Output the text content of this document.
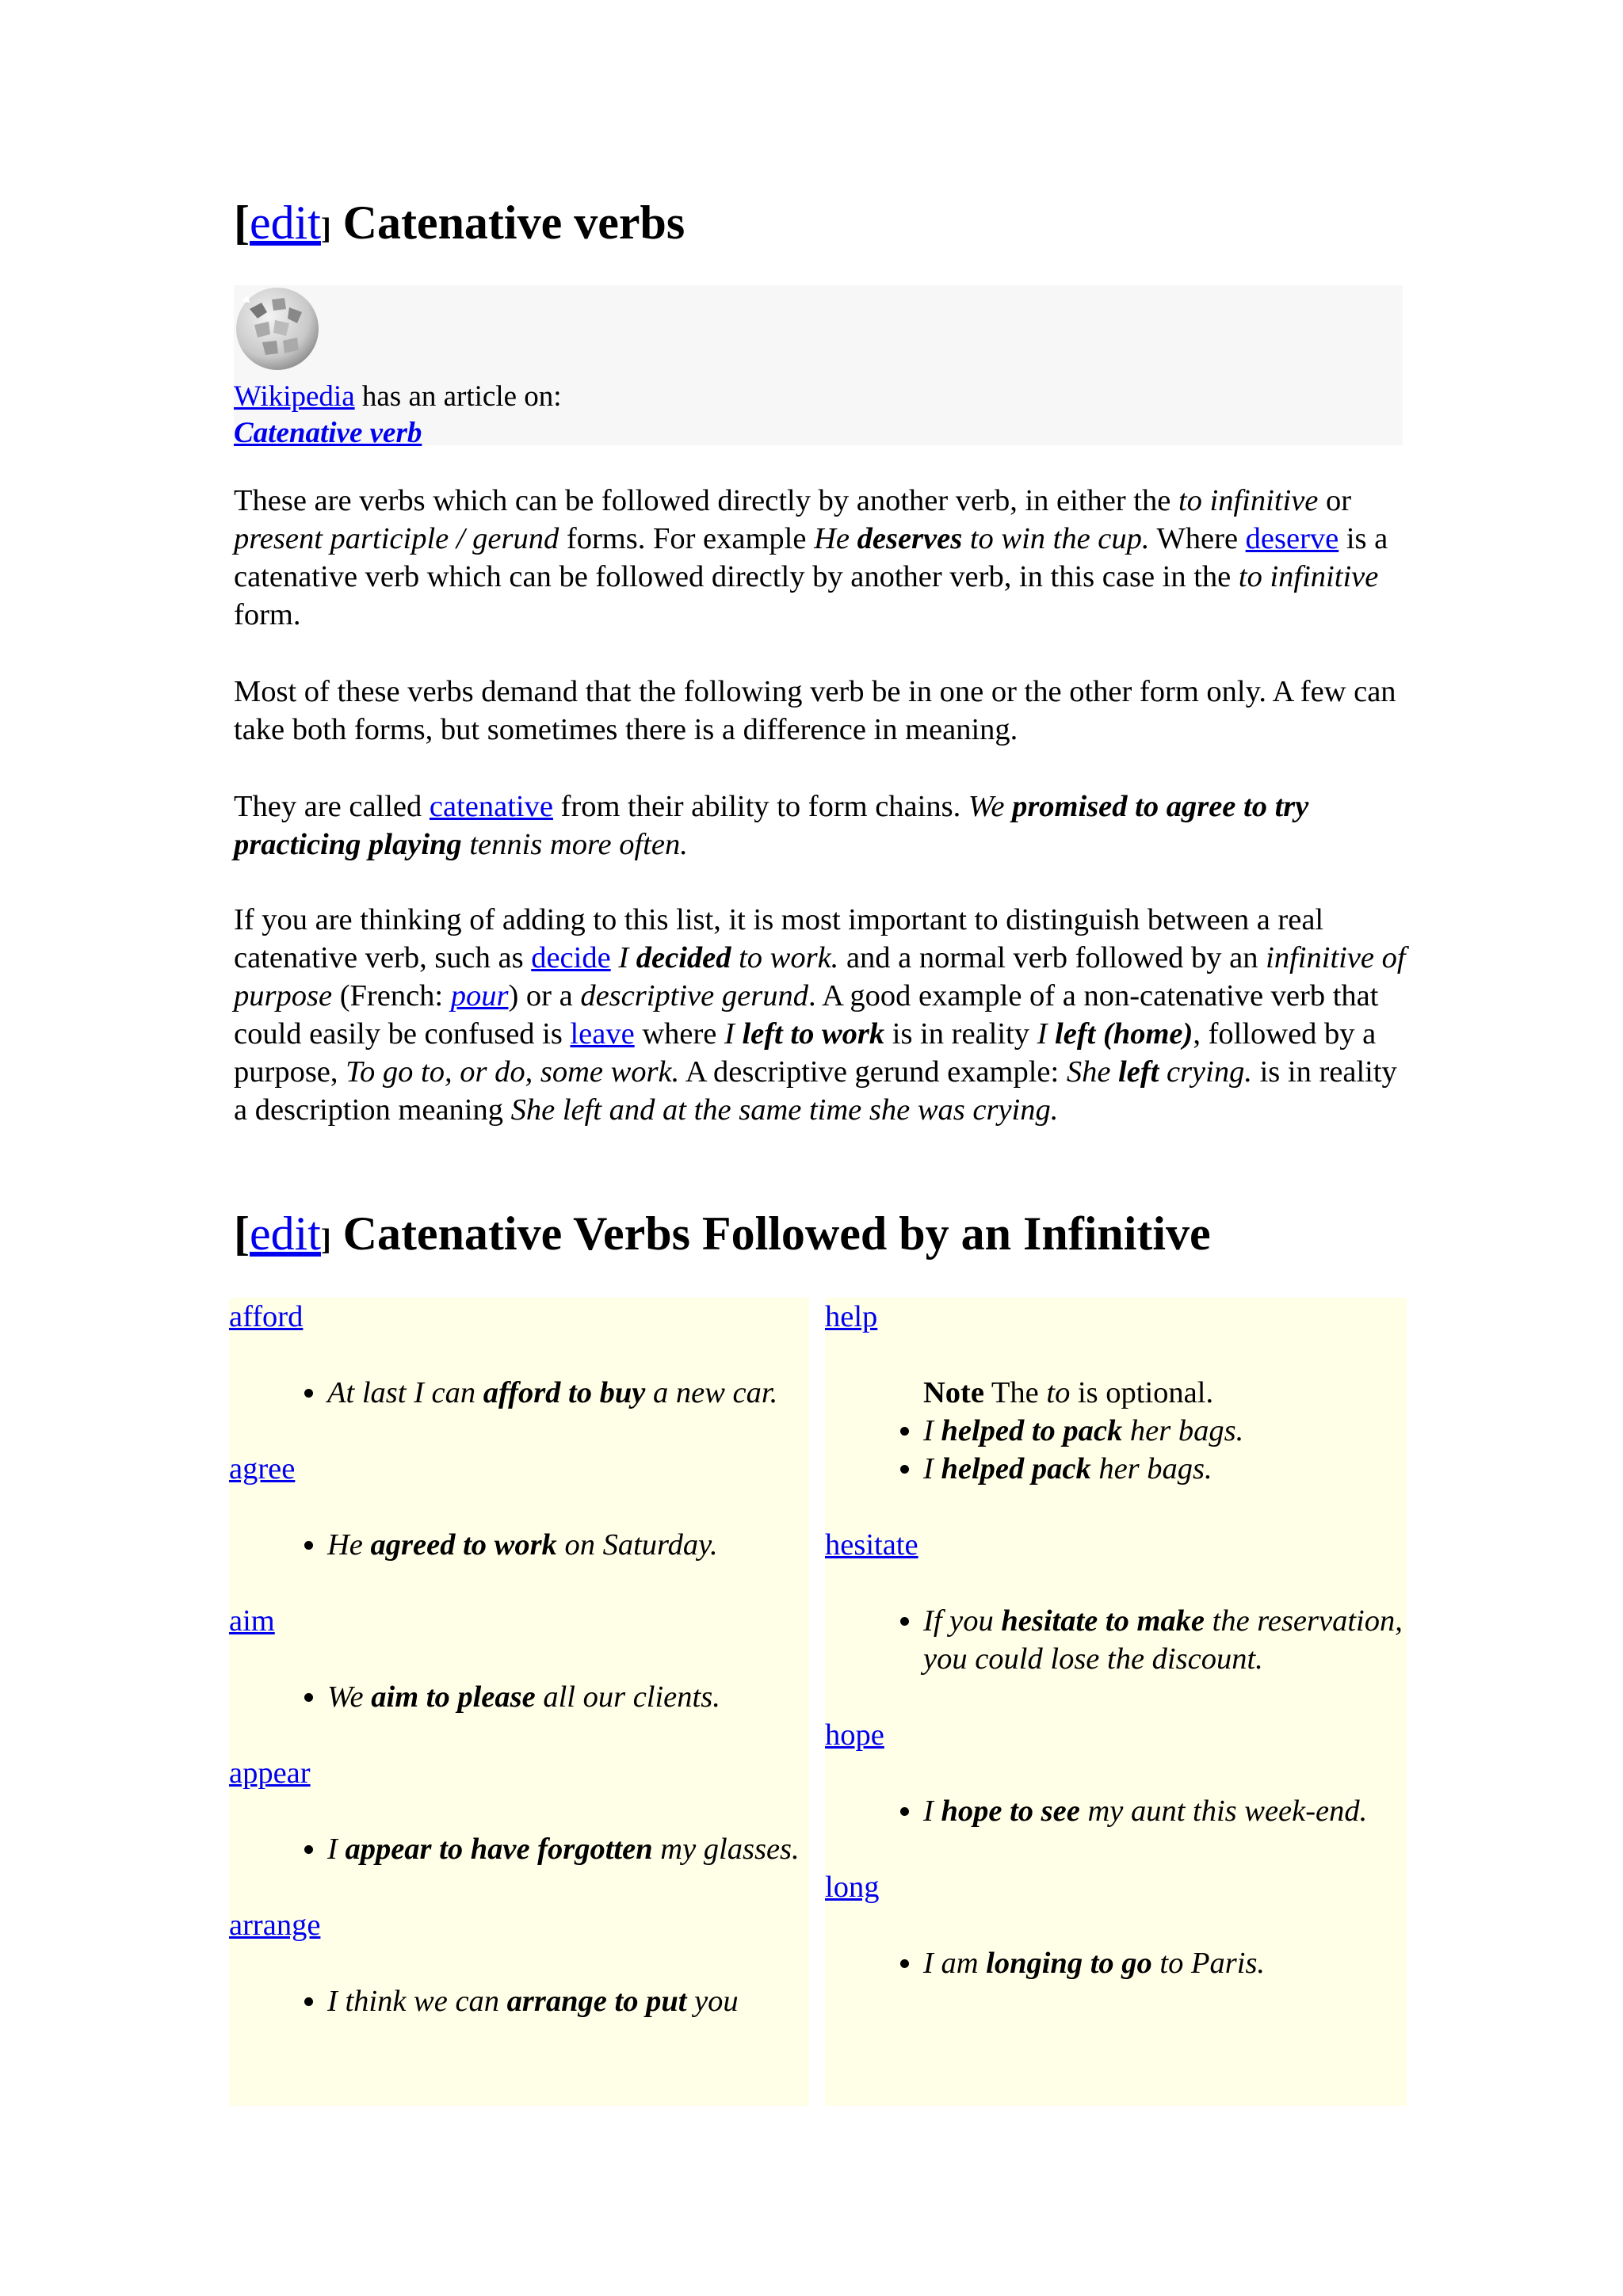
[edit] Catenative verbs
Wikipedia has an article on:
Catenative verb

These are verbs which can be followed directly by another verb, in either the to infinitive or present participle / gerund forms. For example He deserves to win the cup. Where deserve is a catenative verb which can be followed directly by another verb, in this case in the to infinitive form.

Most of these verbs demand that the following verb be in one or the other form only. A few can take both forms, but sometimes there is a difference in meaning.

They are called catenative from their ability to form chains. We promised to agree to try practicing playing tennis more often.

If you are thinking of adding to this list, it is most important to distinguish between a real catenative verb, such as decide I decided to work. and a normal verb followed by an infinitive of purpose (French: pour) or a descriptive gerund. A good example of a non-catenative verb that could easily be confused is leave where I left to work is in reality I left (home), followed by a purpose, To go to, or do, some work. A descriptive gerund example: She left crying. is in reality a description meaning She left and at the same time she was crying.

[edit] Catenative Verbs Followed by an Infinitive
afford
• At last I can afford to buy a new car.
agree
• He agreed to work on Saturday.
aim
• We aim to please all our clients.
appear
• I appear to have forgotten my glasses.
arrange
• I think we can arrange to put you
help
Note The to is optional.
• I helped to pack her bags.
• I helped pack her bags.
hesitate
• If you hesitate to make the reservation, you could lose the discount.
hope
• I hope to see my aunt this week-end.
long
• I am longing to go to Paris.
